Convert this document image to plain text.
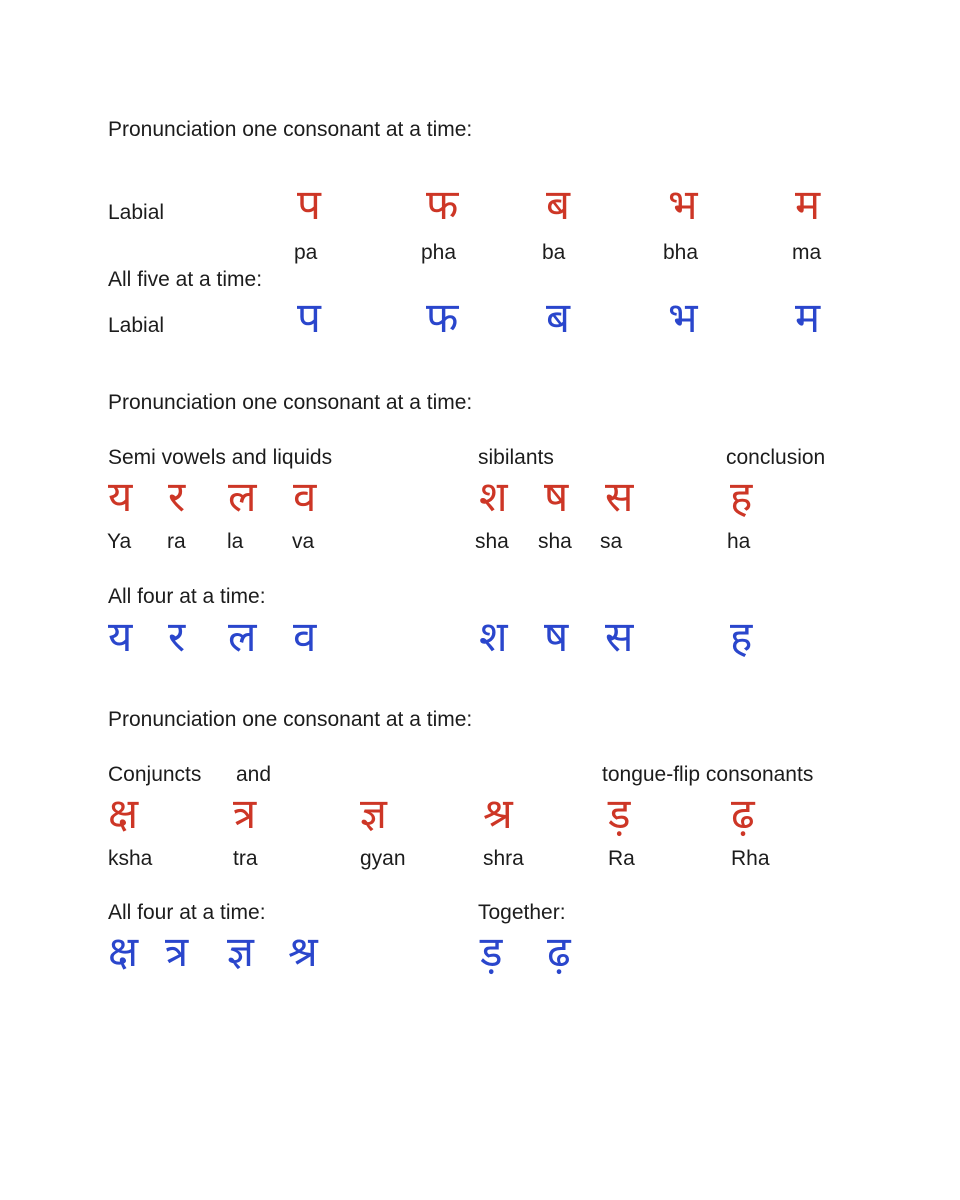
Pronunciation one consonant at a time:
Labial	प	फ ब भ म
pa	pha	ba	bha	ma
All five at a time:
Labial	प	फ ब भ म
Pronunciation one consonant at a time:
Semi vowels and liquids	sibilants	conclusion
य र ल व	श ष स ह
Ya ra la va	sha sha sa	ha
All four at a time:
य र ल व	श ष स ह
Pronunciation one consonant at a time:
Conjuncts and	tongue-flip consonants
क्ष त्र ज्ञ श्र ड़ ढ़
ksha	tra	gyan	shra	Ra	Rha
All four at a time:	Together:
क्ष त्र ज्ञ श्र	ड़ ढ़
